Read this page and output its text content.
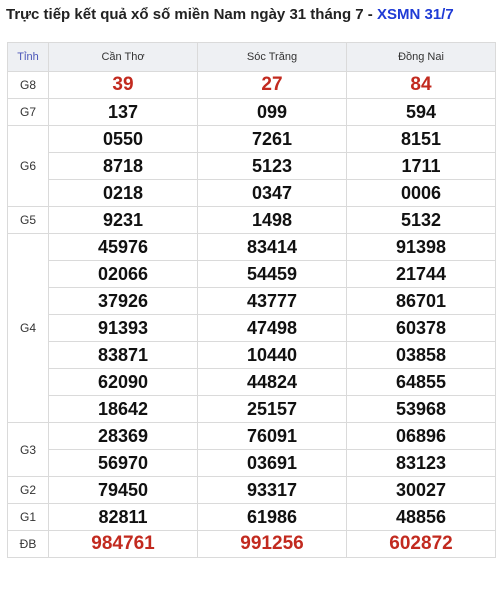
Trực tiếp kết quả xổ số miền Nam ngày 31 tháng 7 - XSMN 31/7
Tỉnh	Cần Thơ	Sóc Trăng	Đồng Nai
G8	39	27	84
G7	137	099	594
G6	0550	7261	8151
	8718	5123	1711
	0218	0347	0006
G5	9231	1498	5132
G4	45976	83414	91398
	02066	54459	21744
	37926	43777	86701
	91393	47498	60378
	83871	10440	03858
	62090	44824	64855
	18642	25157	53968
G3	28369	76091	06896
	56970	03691	83123
G2	79450	93317	30027
G1	82811	61986	48856
ĐB	984761	991256	602872
